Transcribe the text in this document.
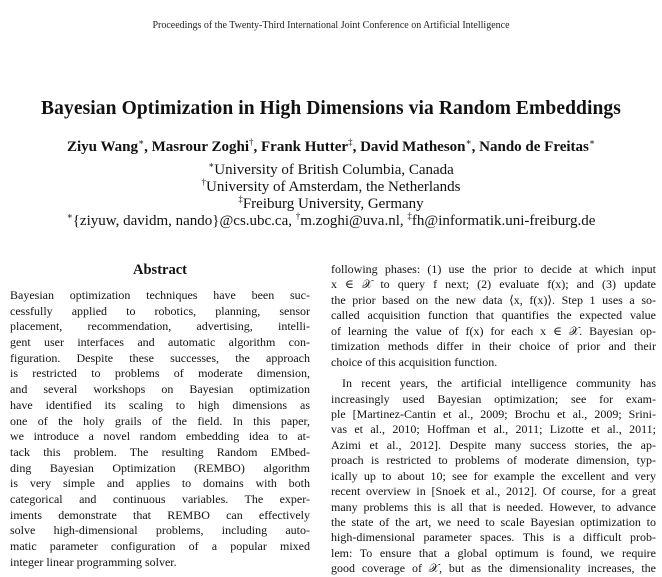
Proceedings of the Twenty-Third International Joint Conference on Artificial Intelligence
Bayesian Optimization in High Dimensions via Random Embeddings
Ziyu Wang∗, Masrour Zoghi†, Frank Hutter‡, David Matheson∗, Nando de Freitas∗
∗University of British Columbia, Canada
†University of Amsterdam, the Netherlands
‡Freiburg University, Germany
∗{ziyuw, davidm, nando}@cs.ubc.ca, †m.zoghi@uva.nl, ‡fh@informatik.uni-freiburg.de
Abstract
Bayesian optimization techniques have been suc-
cessfully applied to robotics, planning, sensor
placement, recommendation, advertising, intelli-
gent user interfaces and automatic algorithm con-
figuration. Despite these successes, the approach
is restricted to problems of moderate dimension,
and several workshops on Bayesian optimization
have identified its scaling to high dimensions as
one of the holy grails of the field. In this paper,
we introduce a novel random embedding idea to at-
tack this problem. The resulting Random EMbed-
ding Bayesian Optimization (REMBO) algorithm
is very simple and applies to domains with both
categorical and continuous variables. The exper-
iments demonstrate that REMBO can effectively
solve high-dimensional problems, including auto-
matic parameter configuration of a popular mixed
integer linear programming solver.
following phases: (1) use the prior to decide at which input
x ∈ 𝒳 to query f next; (2) evaluate f(x); and (3) update
the prior based on the new data ⟨x, f(x)⟩. Step 1 uses a so-
called acquisition function that quantifies the expected value
of learning the value of f(x) for each x ∈ 𝒳. Bayesian op-
timization methods differ in their choice of prior and their
choice of this acquisition function.
In recent years, the artificial intelligence community has
increasingly used Bayesian optimization; see for exam-
ple [Martinez-Cantin et al., 2009; Brochu et al., 2009; Srini-
vas et al., 2010; Hoffman et al., 2011; Lizotte et al., 2011;
Azimi et al., 2012]. Despite many success stories, the ap-
proach is restricted to problems of moderate dimension, typ-
ically up to about 10; see for example the excellent and very
recent overview in [Snoek et al., 2012]. Of course, for a great
many problems this is all that is needed. However, to advance
the state of the art, we need to scale Bayesian optimization to
high-dimensional parameter spaces. This is a difficult prob-
lem: To ensure that a global optimum is found, we require
good coverage of 𝒳, but as the dimensionality increases, the
